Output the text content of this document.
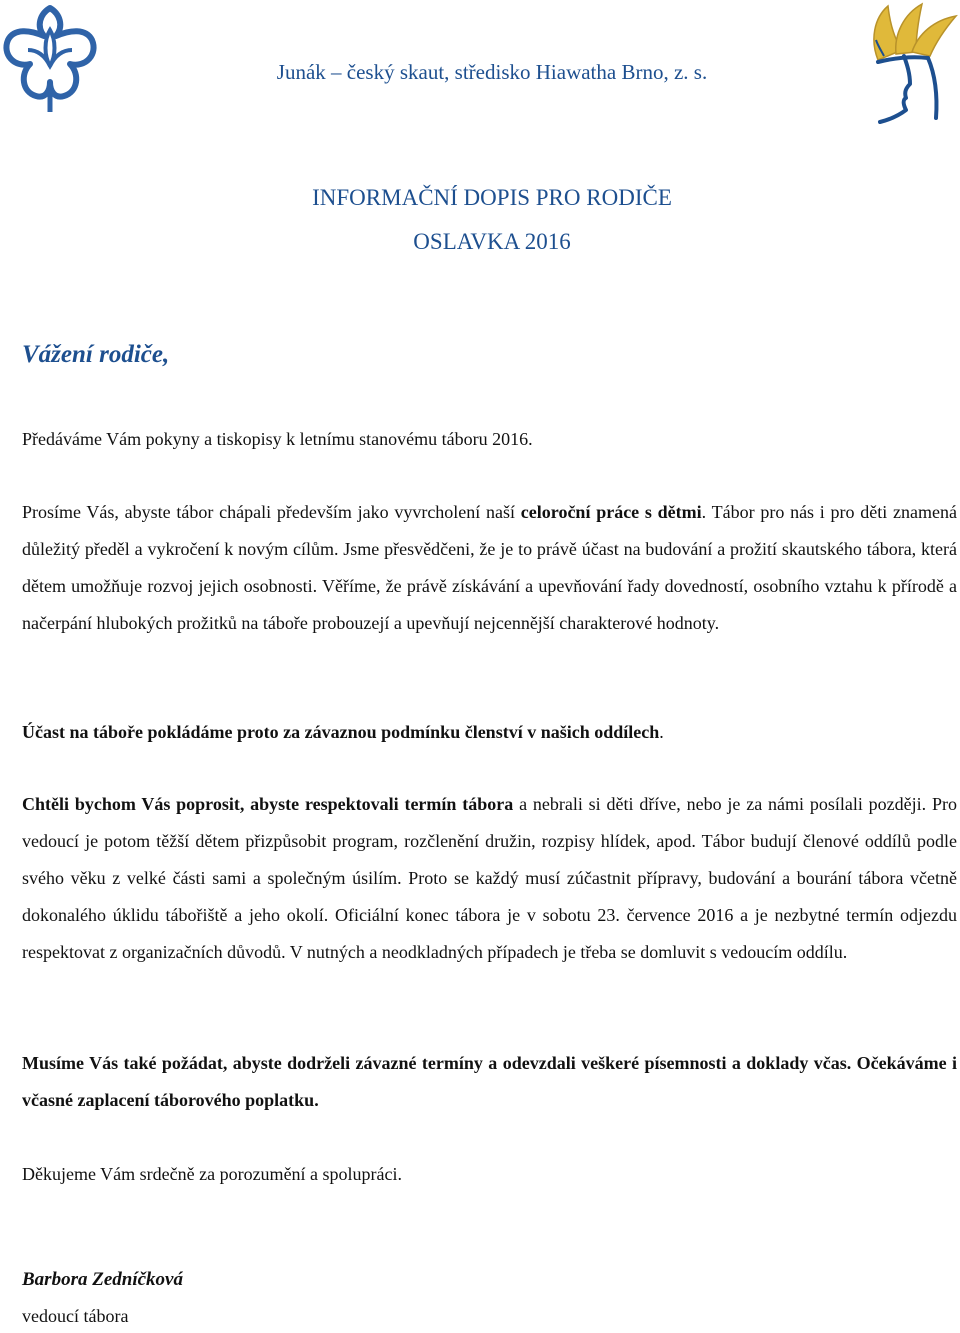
Junák – český skaut, středisko Hiawatha Brno, z. s.
INFORMAČNÍ DOPIS PRO RODIČE
OSLAVKA 2016
Vážení rodiče,

Předáváme Vám pokyny a tiskopisy k letnímu stanovému táboru 2016.

Prosíme Vás, abyste tábor chápali především jako vyvrcholení naší celoroční práce s dětmi. Tábor pro nás i pro děti znamená důležitý předěl a vykročení k novým cílům. Jsme přesvědčeni, že je to právě účast na budování a prožití skautského tábora, která dětem umožňuje rozvoj jejich osobnosti. Věříme, že právě získávání a upevňování řady dovedností, osobního vztahu k přírodě a načerpání hlubokých prožitků na táboře probouzejí a upevňují nejcennější charakterové hodnoty.

Účast na táboře pokládáme proto za závaznou podmínku členství v našich oddílech.

Chtěli bychom Vás poprosit, abyste respektovali termín tábora a nebrali si děti dříve, nebo je za námi posílali později. Pro vedoucí je potom těžší dětem přizpůsobit program, rozčlenění družin, rozpisy hlídek, apod. Tábor budují členové oddílů podle svého věku z velké části sami a společným úsilím. Proto se každý musí zúčastnit přípravy, budování a bourání tábora včetně dokonalého úklidu tábořiště a jeho okolí. Oficiální konec tábora je v sobotu 23. července 2016 a je nezbytné termín odjezdu respektovat z organizačních důvodů. V nutných a neodkladných případech je třeba se domluvit s vedoucím oddílu.

Musíme Vás také požádat, abyste dodrželi závazné termíny a odevzdali veškeré písemnosti a doklady včas. Očekáváme i včasné zaplacení táborového poplatku.

Děkujeme Vám srdečně za porozumění a spolupráci.

Barbora Zedníčková
vedoucí tábora
